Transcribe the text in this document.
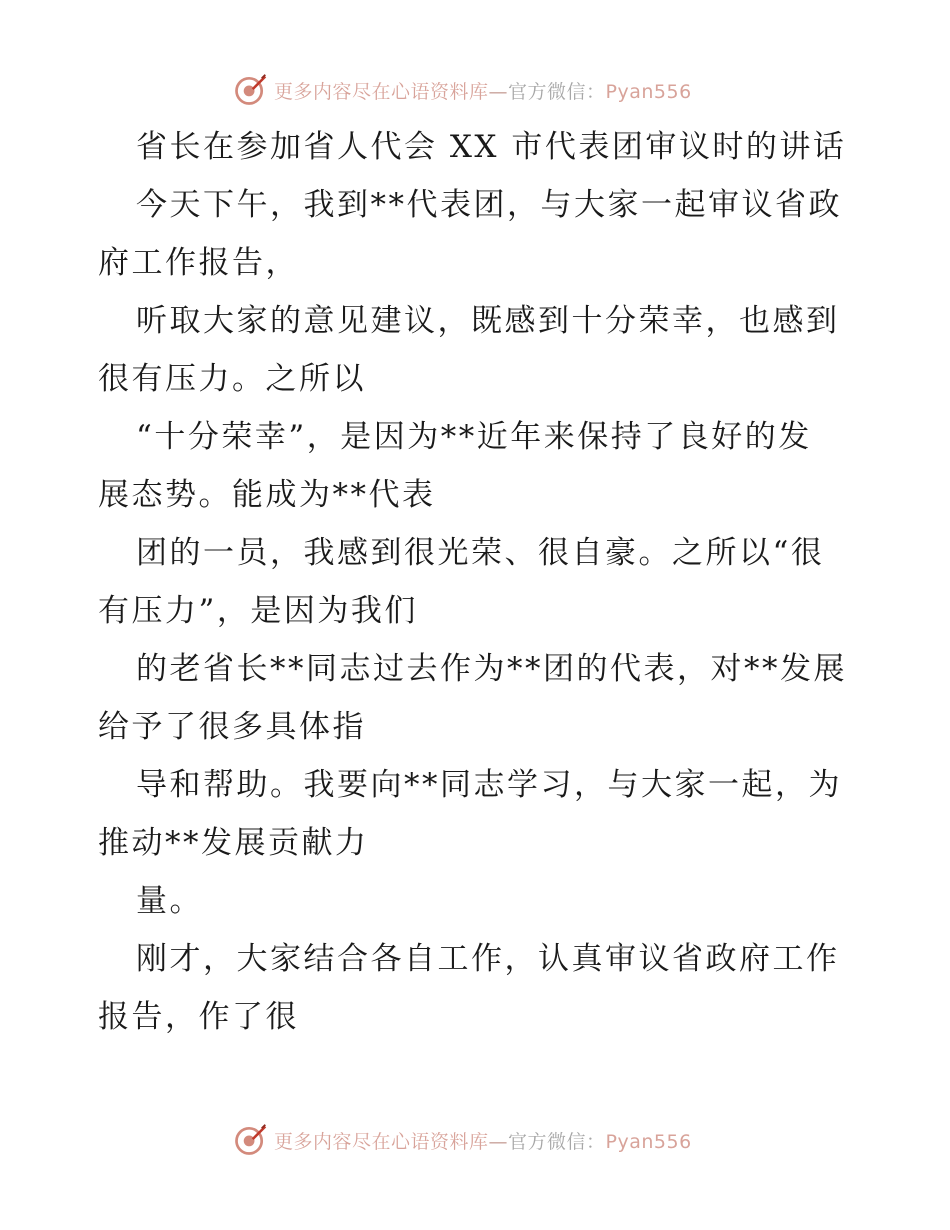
更多内容尽在心语资料库—官方微信：Pyan556
省长在参加省人代会 XX 市代表团审议时的讲话
今天下午，我到**代表团，与大家一起审议省政
府工作报告，
听取大家的意见建议，既感到十分荣幸，也感到
很有压力。之所以
“十分荣幸”，是因为**近年来保持了良好的发
展态势。能成为**代表
团的一员，我感到很光荣、很自豪。之所以“很
有压力”，是因为我们
的老省长**同志过去作为**团的代表，对**发展
给予了很多具体指
导和帮助。我要向**同志学习，与大家一起，为
推动**发展贡献力
量。
刚才，大家结合各自工作，认真审议省政府工作
报告，作了很
更多内容尽在心语资料库—官方微信：Pyan556
